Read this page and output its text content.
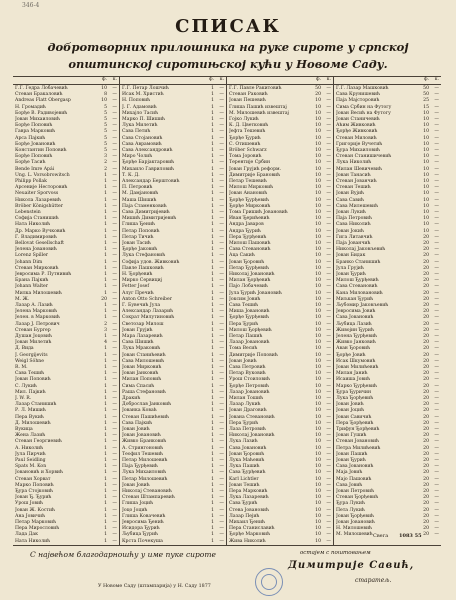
346-4
СПИСАК
добротворних прилошника на руке сироте у српској
општинској сиротињској кући у Новоме Саду.
ф. к.
Г.Г. Гедра Лобачевић	10 —
Стеван Бракаловић	8 —
Andreas Flatt Obergasp	10 —
Н. Громадић	5 —
Борђе В. Радивојевић	5 —
Јован Михаиловић	5 —
Борђе Поповић	5 —
Гавра Марковић	5 —
Арса Пајкић	5 —
Борђе Јовановић	5 —
Константин Поповић	5 —
Борђе Поповић	3 —
Борђе Тасић	2 —
Bende Imre Apái	2 —
Ung. L. Vorsobrowitsch	1 —
Philipp Pollak	1 —
Арсеније Несторовић	1 —
Neuaiter Sporvoss	1 —
Никола Лазаревић	1 —
Bröber Königshütter	1 —
Lebenstein	1 —
Софија Станишић	1 —
Ната Николић	1 —
Др. Марко Вучковић	1 —
Г. Владимировић	1 —
Bellovat Gesellschaft	1 —
Јелена Јовановић	1 —
Lorenz Spiller	1 —
Johann Dim	1 —
Стеван Мирковић	1 —
Јевросима Р. Путнивић	1 —
Брана Пајкић	1 —
Johann Walter	1 —
Милка Милошевић	1 —
М. Ж.	20 —
Лазар А. Лазић	1 —
Јелена Марковић	1 —
Јелен. в Марковић	1 —
Лазар Ј. Петрович	2 —
Стеван Бургер	3 —
Душан Јоцовић	1 —
Јован Милетић	4 —
Д. Вида	1 —
J. Georgijevits	1 —
Weigl Söhne	1 —
R. M.	1 —
Сава Тешић	1 —
Јован Поповић	1 —
С. Лукић	1 —
Мил. Пајкић	1 —
J. W. R.	1 —
Лазар Станишић	1 —
Р. Л. Мишић	1 —
Пера Вукић	1 —
Д. Милошевић	1 —
Вукица	1 —
Жена Лазић	1 —
Стеван Георгиевић	1 —
А. Николић	1 —
Јула Пирчић	1 —
Paul Seidling	1 —
Spats M. Kon	1 —
Јовановић и Хорвић	1 —
Стеван Хорват	1 —
Марко Поповић	1 —
Ђура Стојковић	1 —
Јован Ђ. Ђурић	1 —
Урош Јовић	1 —
Јован Ж. Костић	1 —
Ана Јовичић	1 —
Петар Марковић	1 —
Пера Мирословић	1 —
Лада Дак	1 —
Ната Николић	1 —
ф. к.
Г.Г. Петар Лошчић	1 —
Исак М. Христић	1 —
Н. Поповић	1 —
Ј. Г. Адамовић	1 —
Михајло Тасић	1 —
Марко П. Шишић	1 —
Лука Милетић	1 —
Сава Петић	1 —
Сава Стојановић	1 —
Сава Аврамовић	1 —
Сава Александровић	1 —
Миро Чолић	1 —
Ђорђе Барјактаровић	1 —
Михаило Гавриловић	1 —
Т. К. Д.	1 —
Александар Берштовић	1 —
П. Петровић	1 —
М. Дамјановић	1 —
Маша Шишић	1 —
Паја Стаменковић	1 —
Сава Димитријевић	1 —
Мишић Димитријевић	1 —
Глиша Ђенић	1 —
Петар Поповић	1 —
Петар Тичић	1 —
Јован Тасић	1 —
Ђорђе Јаковић	1 —
Лука Стефановић	1 —
Софија удов. Живковић	1 —
Павле Пашковић	1 —
Н. Ђорђевић	1 —
Мирко Сервициј	1 —
Fetter Josef	1 —
Алуг Пречић	1 —
Anton Otto Schreiber	1 —
Г. Бувечић Јула	1 —
Александар Лазарић	1 —
Сократ Милутиновић	1 —
Светозар Милош	1 —
Јован Грујић	1 —
Мара Лазаревић	1 —
Сава Шишић	1 —
Лука Мраковић	1 —
Јован Станићевић	1 —
Сава Милошевић	1 —
Јован Мирковић	1 —
Јован Јанковић	1 —
Милан Поповић	1 —
Сима Спасић	1 —
Раша Стефановић	1 —
Дракић	1 —
Доброслав Јанковић	1 —
Јованка Коваћ	1 —
Стеван Пашићевић	1 —
Сава Пајкић	1 —
Јован Јовић	1 —
Јован Јовановић	1 —
Живко Бранковић	1 —
А. Стрингоновић	1 —
Теофил Тешевић	1 —
Петар Милошевић	1 —
Паја Ђурђевић	1 —
Лука Михаиловић	1 —
Петар Милошевић	1 —
Јован Јовић	1 —
Николај Стевановић	1 —
Стеван Штампаревић	1 —
Глиша Јоцић	1 —
Јоцо Јоцић	1 —
Глиша Ковачевић	1 —
Јевросима Ђенић	1 —
Исидора Ђурић	1 —
Љубица Ђурић	1 —
Крста Почекуша	1 —
ф. к.
Г.Г. Павле Ракитовић	50 —
Стеван Раковић	20 —
Јован Пешевић	10 —
Глиша Пашић извештај	10 —
М. Милошевић извештај	10 —
Гојко Лукић	10 —
К. Д. Цветковић	10 —
Јефта Тешевић	10 —
Ђорђе Ђурић	10 —
С. Отишевић	10 —
Bröber Schwarz	10 —
Тома Јоровић	10 —
Терентије Србин	10 —
Јован Грујић реформ.	10 —
Димитрије Брановић	10 —
Петар Тешевић	10 —
Милош Мирковић	10 —
Јован Анановић	10 —
Ђорђе Ђурђевић	10 —
Ђорђе Мирковић	10 —
Тома Гришић Јовановић	10 —
Иван Ђерићевић	10 —
Андра Јаваров	10 —
Андра Ђурић	10 —
Пера Ђурђевић	10 —
Милош Пашовић	10 —
Сава Стевановић	10 —
Аца Сакић	10 —
Јован Ђоровић	10 —
Петар Ђурђевић	10 —
Николај Јовановић	10 —
Милан Ђорђевић	10 —
Пајо Лобачевић	10 —
Јула Ђурић Јовановић	10 —
Јоксим Јовић	10 —
Сава Тешић	10 —
Миша Јовановић	10 —
Ђорђе Ђурђевић	10 —
Пера Ђурић	10 —
Милош Ђорђевић	10 —
Петар Пашић	10 —
Лазар Јовановић	10 —
Тома Весић	10 —
Димитрије Поповић	10 —
Јован Јовић	10 —
Сава Петровић	10 —
Петар Вуковић	10 —
Урош Стоиловић	10 —
Ђорђе Петровић	10 —
Лазар Јовановић	10 —
Милан Тошић	10 —
Лазар Лукић	10 —
Јован Драговић	10 —
Јована Стевановић	10 —
Пера Ђурић	10 —
Лаза Петровић	10 —
Николај Јовановић	10 —
Лука Лазић	10 —
Сава Јовановић	10 —
Јован Ђоровић	10 —
Лука Маћевић	10 —
Лука Пашић	10 —
Сава Ђурђевић	10 —
Karl Lichtler	10 —
Јован Тешић	10 —
Пера Марковић	10 —
Лука Лазаревић	10 —
Сава Ђурић	10 —
Стева Јовановић	10 —
Лазар Пејић	10 —
Михаил Ђенић	10 —
Пера Станиславић	10 —
Ђорђе Марковић	10 —
Жива Николић	10 —
ф. к.
Г.Г. Лазар Машковић	50 —
Сава Крунишевић	50 —
Паја Мајсторовић	25 —
Сима Србин на Футогу	15 —
Јован Весић на Футогу	10 —
Јован Станичевић	10 —
Аћим Живковић	10 —
Ђорђе Живковић	10 —
Стеван Миловић	10 —
Григорије Вучетић	10 —
Ђура Михаиловић	10 —
Стеван Станишичевић	10 —
Лука Николић	10 —
Милан Шевичевић	10 —
Јован Танасић	10 —
Стеван Јованчић	10 —
Стеван Тешић	10 —
Јован Вујић	10 —
Сава Савић	10 —
Сава Милешевић	10 —
Јован Лукић	10 —
Паја Петровић	10 —
Сава Николић	10 —
Јован Јокић	10 —
Гига Литавчић	20 —
Паја Јованчић	20 —
Николај Јаковљевић	20 —
Јован Бидак	20 —
Бранко Станишић	20 —
Јула Грујић	20 —
Јован Ђурић	20 —
Милош Ђурђевић	20 —
Сава Стевановић	20 —
Кана Миловановић	20 —
Миљкан Ђурић	20 —
Љубомир Јаковљевић	20 —
Јевросима Јовић	20 —
Сава Јовановић	20 —
Љубица Лазић	20 —
Живојин Ђурић	20 —
Јелена Ђурђевић	20 —
Живко Јанковић	20 —
Аван Ђоровић	20 —
Ђорђе Јовић	20 —
Исак Шкумовић	20 —
Јован Милићевић	20 —
Милан Јанић	20 —
Исаиша Јовић	20 —
Марко Ђурђевић	20 —
Ђура Ђуричин	20 —
Лука Ђорђевић	20 —
Јован Јовић	20 —
Јован Јоцић	20 —
Јован Савичић	20 —
Пера Ђорђевић	20 —
Трифун Ђорђевић	20 —
Јован Гушић	20 —
Стеван Јовановић	20 —
Петра Милићевић	20 —
Јован Пашић	20 —
Јован Ђурић	20 —
Сава Јовановић	20 —
Маја Јовић	20 —
Мајо Пашовић	20 —
Сава Јовић	20 —
Јован Петровић	20 —
Стеван Ђорђевић	20 —
Ђура Лукић	20 —
Пета Лукић	20 —
Јован Ђорђевић	20 —
Јован Јовановић	20 —
Н. Милошевић	20 —
М. Милошевић	20 —
Свега 1083 55
С највећом благодарношћу у име пуке сироте	остајем с поштовањем
Димитрије Савић,
старатељ.
У Новоме Саду (штампарија) у Н. Саду 1877
